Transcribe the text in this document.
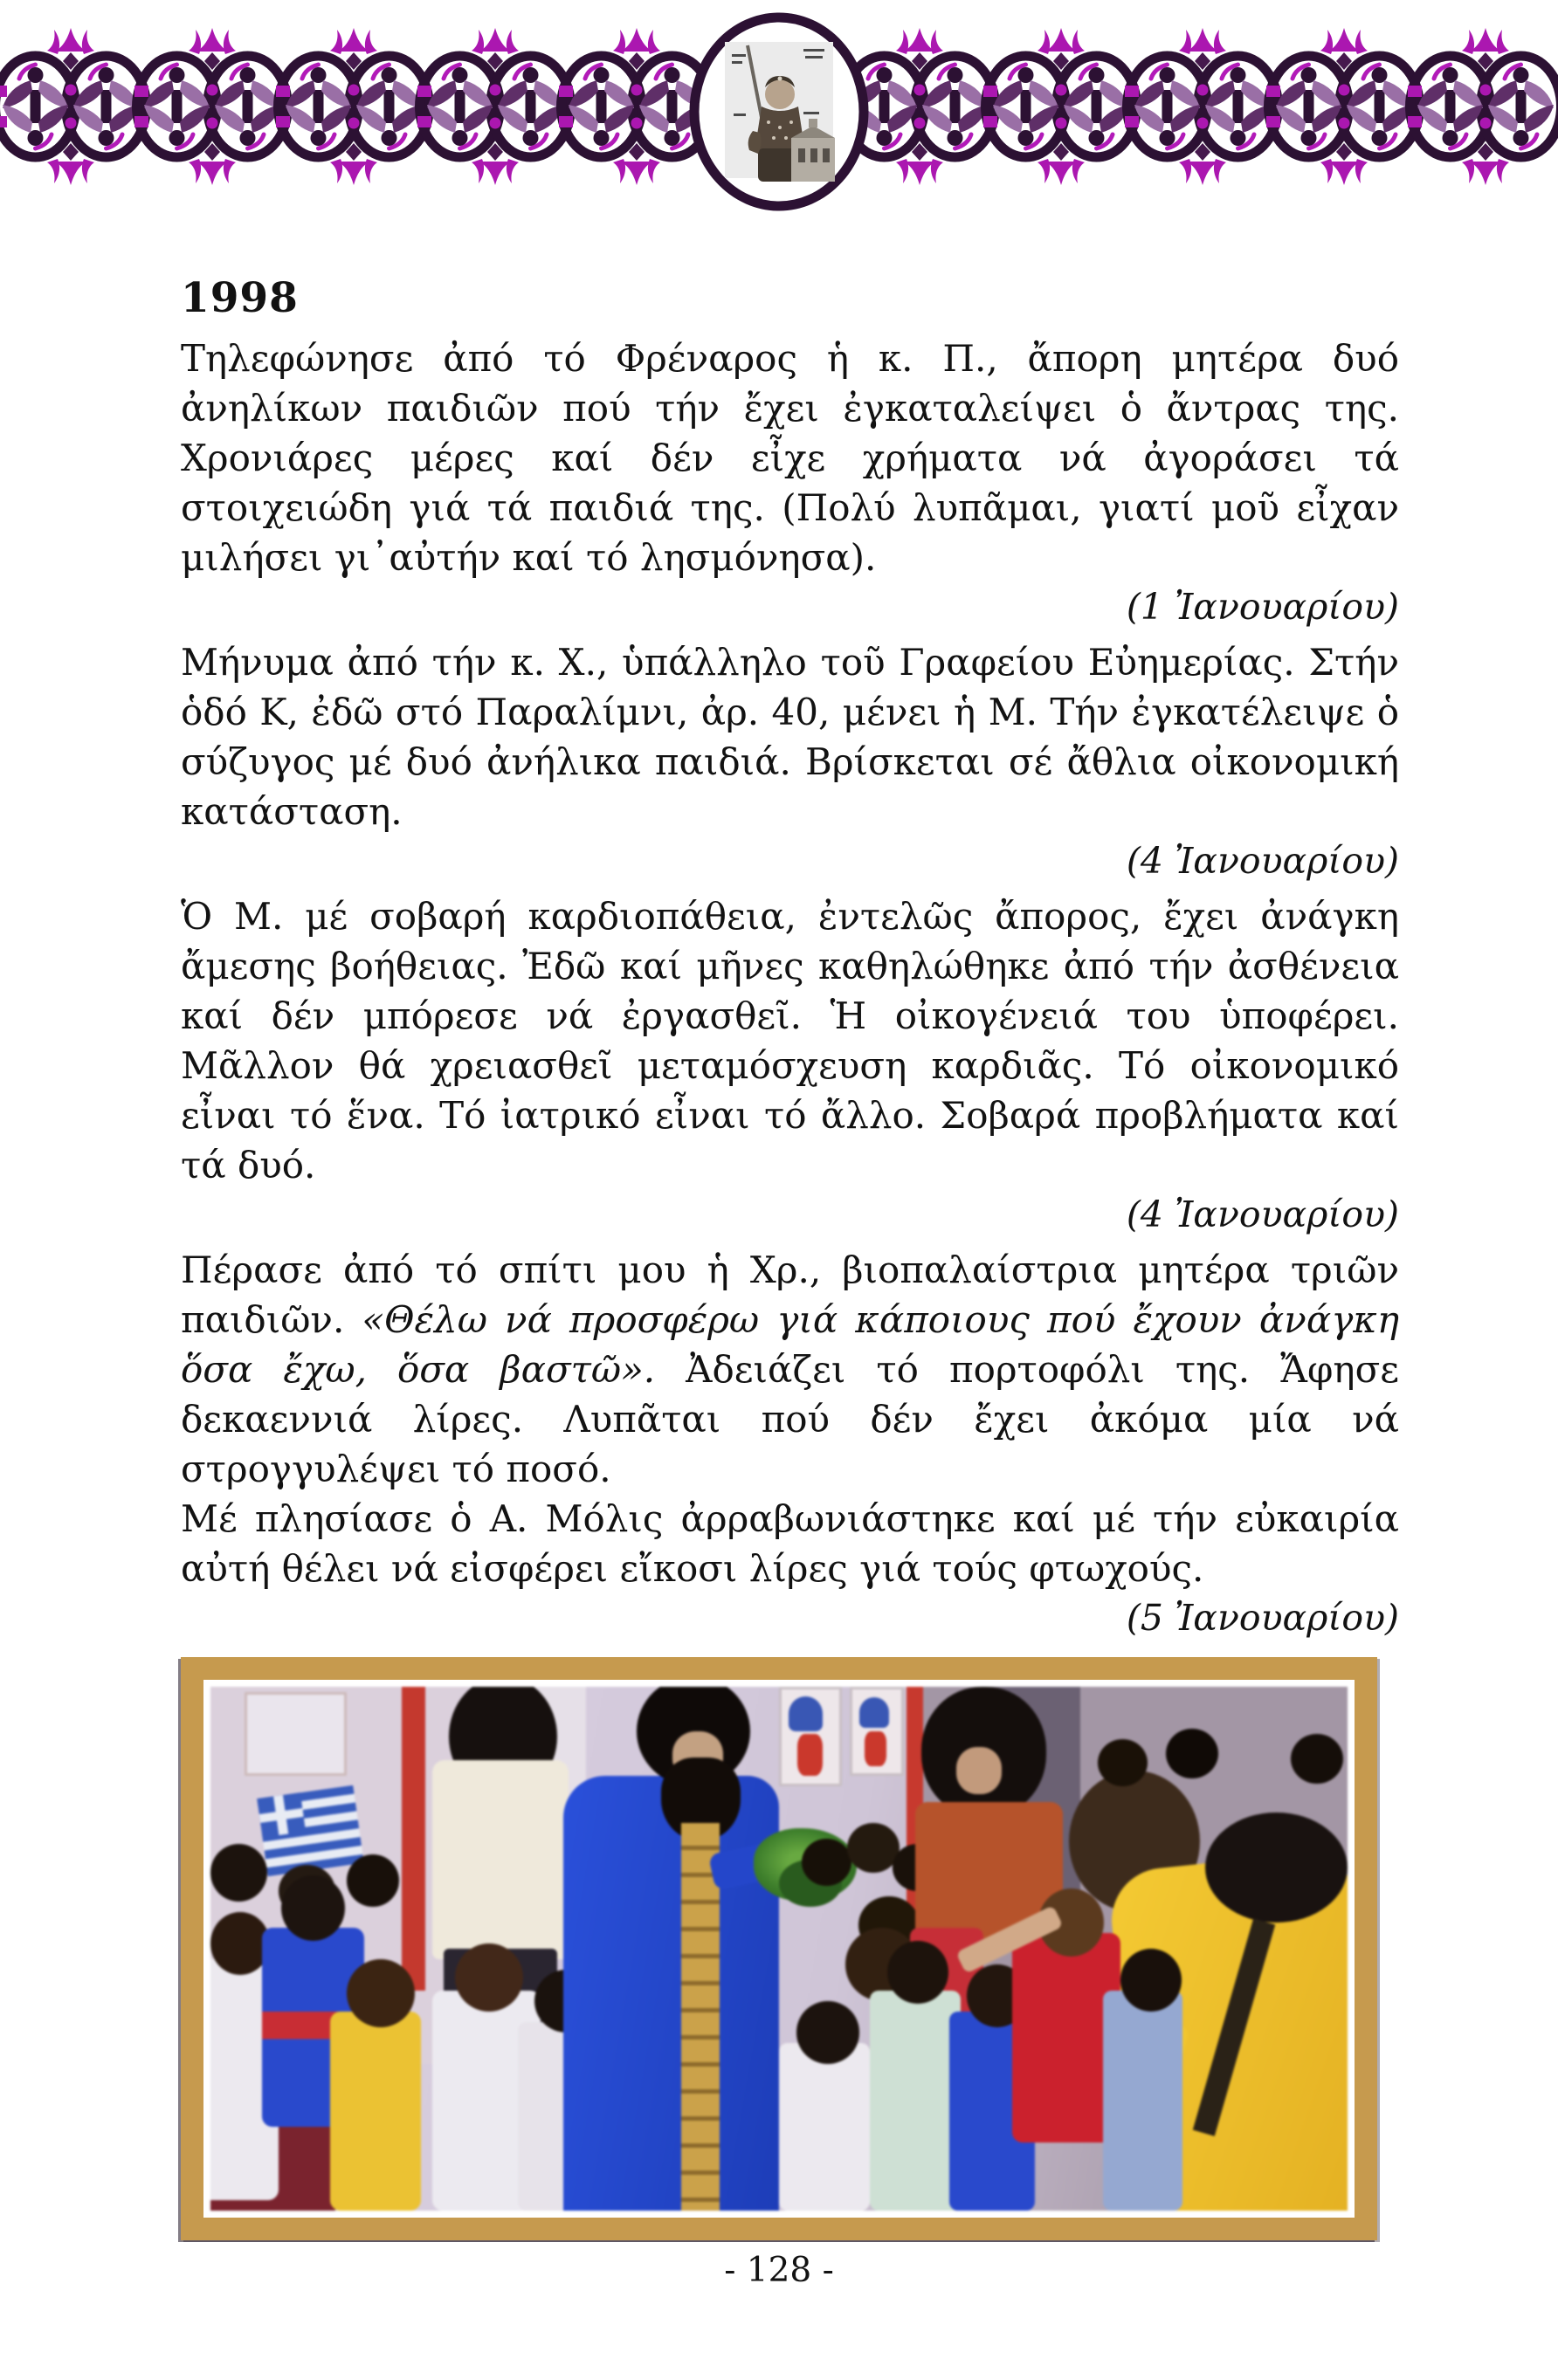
1998

Τηλεφώνησε ἀπό τό Φρέναρος ἡ κ. Π., ἄπορη μητέρα δυό ἀνηλίκων παιδιῶν πού τήν ἔχει ἐγκαταλείψει ὁ ἄντρας της. Χρονιάρες μέρες καί δέν εἶχε χρήματα νά ἀγοράσει τά στοιχειώδη γιά τά παιδιά της. (Πολύ λυπᾶμαι, γιατί μοῦ εἶχαν μιλήσει γι᾽αὐτήν καί τό λησμόνησα).

(1 Ἰανουαρίου)

Μήνυμα ἀπό τήν κ. Χ., ὑπάλληλο τοῦ Γραφείου Εὐημερίας. Στήν ὁδό Κ, ἐδῶ στό Παραλίμνι, ἀρ. 40, μένει ἡ Μ. Τήν ἐγκατέλειψε ὁ σύζυγος μέ δυό ἀνήλικα παιδιά. Βρίσκεται σέ ἄθλια οἰκονομική κατάσταση.

(4 Ἰανουαρίου)

Ὁ Μ. μέ σοβαρή καρδιοπάθεια, ἐντελῶς ἄπορος, ἔχει ἀνάγκη ἄμεσης βοήθειας. Ἐδῶ καί μῆνες καθηλώθηκε ἀπό τήν ἀσθένεια καί δέν μπόρεσε νά ἐργασθεῖ. Ἡ οἰκογένειά του ὑποφέρει. Μᾶλλον θά χρειασθεῖ μεταμόσχευση καρδιᾶς. Τό οἰκονομικό εἶναι τό ἕνα. Τό ἰατρικό εἶναι τό ἄλλο. Σοβαρά προβλήματα καί τά δυό.

(4 Ἰανουαρίου)

Πέρασε ἀπό τό σπίτι μου ἡ Χρ., βιοπαλαίστρια μητέρα τριῶν παιδιῶν. «Θέλω νά προσφέρω γιά κάποιους πού ἔχουν ἀνάγκη ὅσα ἔχω, ὅσα βαστῶ». Ἀδειάζει τό πορτοφόλι της. Ἄφησε δεκαεννιά λίρες. Λυπᾶται πού δέν ἔχει ἀκόμα μία νά στρογγυλέψει τό ποσό.

Μέ πλησίασε ὁ Α. Μόλις ἀρραβωνιάστηκε καί μέ τήν εὐκαιρία αὐτή θέλει νά εἰσφέρει εἴκοσι λίρες γιά τούς φτωχούς.

(5 Ἰανουαρίου)

- 128 -
